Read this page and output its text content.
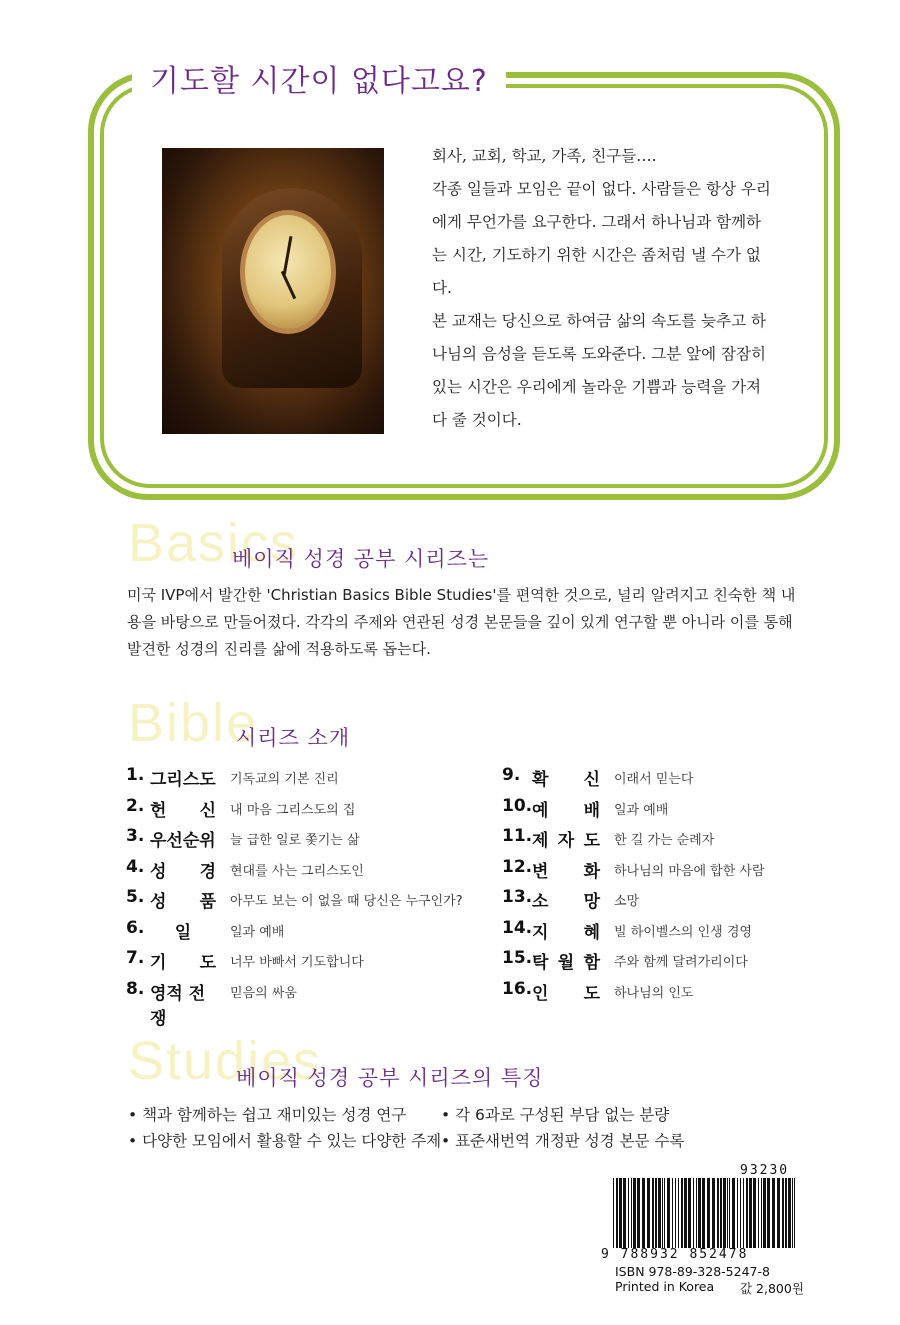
기도할 시간이 없다고요?

회사, 교회, 학교, 가족, 친구들….

각종 일들과 모임은 끝이 없다. 사람들은 항상 우리에게 무언가를 요구한다. 그래서 하나님과 함께하는 시간, 기도하기 위한 시간은 좀처럼 낼 수가 없다.

본 교재는 당신으로 하여금 삶의 속도를 늦추고 하나님의 음성을 듣도록 도와준다. 그분 앞에 잠잠히 있는 시간은 우리에게 놀라운 기쁨과 능력을 가져다 줄 것이다.

Basics
Bible
Studies
베이직 성경 공부 시리즈는
미국 IVP에서 발간한 'Christian Basics Bible Studies'를 편역한 것으로, 널리 알려지고 친숙한 책 내용을 바탕으로 만들어졌다. 각각의 주제와 연관된 성경 본문들을 깊이 있게 연구할 뿐 아니라 이를 통해 발견한 성경의 진리를 삶에 적용하도록 돕는다.
시리즈 소개
1. 그리스도 기독교의 기본 진리
2. 헌 신 내 마음 그리스도의 집
3. 우선순위 늘 급한 일로 쫓기는 삶
4. 성 경 현대를 사는 그리스도인
5. 성 품 아무도 보는 이 없을 때 당신은 누구인가?
6. 일	일과 예배
7. 기 도 너무 바빠서 기도합니다
8. 영적 전쟁
믿음의 싸움
9. 확 신 이래서 믿는다
10. 예 배 일과 예배
11. 제 자 도 한 길 가는 순례자
12. 변 화 하나님의 마음에 합한 사람
13. 소 망 소망
14. 지 혜 빌 하이벨스의 인생 경영
15. 탁 월 함 주와 함께 달려가리이다
16. 인 도 하나님의 인도
베이직 성경 공부 시리즈의 특징
• 책과 함께하는 쉽고 재미있는 성경 연구 • 각 6과로 구성된 부담 없는 분량
• 다양한 모임에서 활용할 수 있는 다양한 주제 • 표준새번역 개정판 성경 본문 수록
93230
9 788932 852478
ISBN 978-89-328-5247-8
Printed in Korea 값 2,800원
